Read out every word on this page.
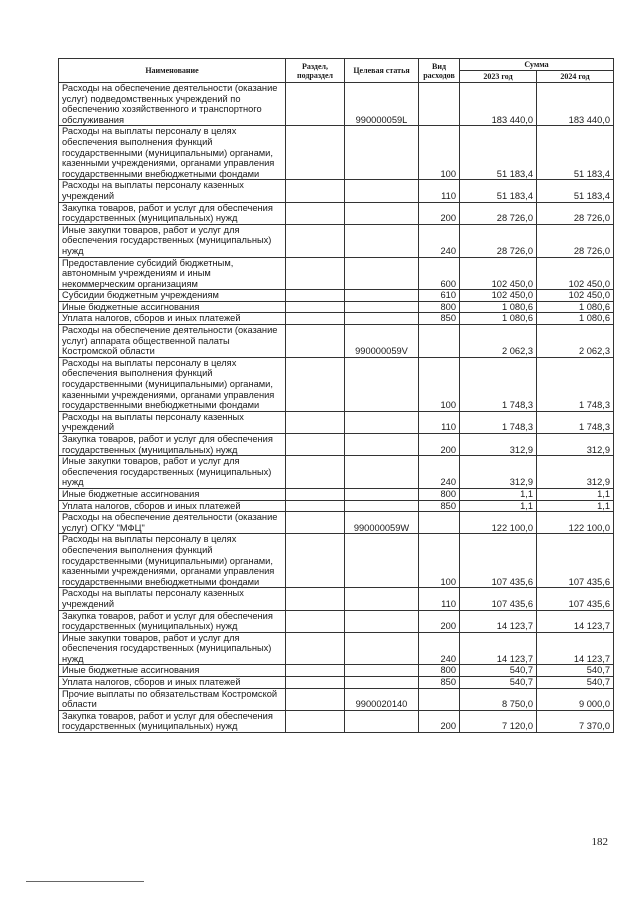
Наименование	Раздел, подраздел	Целевая статья	Вид расходов	Сумма	
				2023 год	2024 год
Расходы на обеспечение деятельности (оказание услуг) подведомственных учреждений по обеспечению хозяйственного и транспортного обслуживания		990000059L		183 440,0	183 440,0
Расходы на выплаты персоналу в целях обеспечения выполнения функций государственными (муниципальными) органами, казенными учреждениями, органами управления государственными внебюджетными фондами			100	51 183,4	51 183,4
Расходы на выплаты персоналу казенных учреждений			110	51 183,4	51 183,4
Закупка товаров, работ и услуг для обеспечения государственных (муниципальных) нужд			200	28 726,0	28 726,0
Иные закупки товаров, работ и услуг для обеспечения государственных (муниципальных) нужд			240	28 726,0	28 726,0
Предоставление субсидий бюджетным, автономным учреждениям и иным некоммерческим организациям			600	102 450,0	102 450,0
Субсидии бюджетным учреждениям			610	102 450,0	102 450,0
Иные бюджетные ассигнования			800	1 080,6	1 080,6
Уплата налогов, сборов и иных платежей			850	1 080,6	1 080,6
Расходы на обеспечение деятельности (оказание услуг) аппарата общественной палаты Костромской области		990000059V		2 062,3	2 062,3
Расходы на выплаты персоналу в целях обеспечения выполнения функций государственными (муниципальными) органами, казенными учреждениями, органами управления государственными внебюджетными фондами			100	1 748,3	1 748,3
Расходы на выплаты персоналу казенных учреждений			110	1 748,3	1 748,3
Закупка товаров, работ и услуг для обеспечения государственных (муниципальных) нужд			200	312,9	312,9
Иные закупки товаров, работ и услуг для обеспечения государственных (муниципальных) нужд			240	312,9	312,9
Иные бюджетные ассигнования			800	1,1	1,1
Уплата налогов, сборов и иных платежей			850	1,1	1,1
Расходы на обеспечение деятельности (оказание услуг) ОГКУ "МФЦ"		990000059W		122 100,0	122 100,0
Расходы на выплаты персоналу в целях обеспечения выполнения функций государственными (муниципальными) органами, казенными учреждениями, органами управления государственными внебюджетными фондами			100	107 435,6	107 435,6
Расходы на выплаты персоналу казенных учреждений			110	107 435,6	107 435,6
Закупка товаров, работ и услуг для обеспечения государственных (муниципальных) нужд			200	14 123,7	14 123,7
Иные закупки товаров, работ и услуг для обеспечения государственных (муниципальных) нужд			240	14 123,7	14 123,7
Иные бюджетные ассигнования			800	540,7	540,7
Уплата налогов, сборов и иных платежей			850	540,7	540,7
Прочие выплаты по обязательствам Костромской области		9900020140		8 750,0	9 000,0
Закупка товаров, работ и услуг для обеспечения государственных (муниципальных) нужд			200	7 120,0	7 370,0
182
